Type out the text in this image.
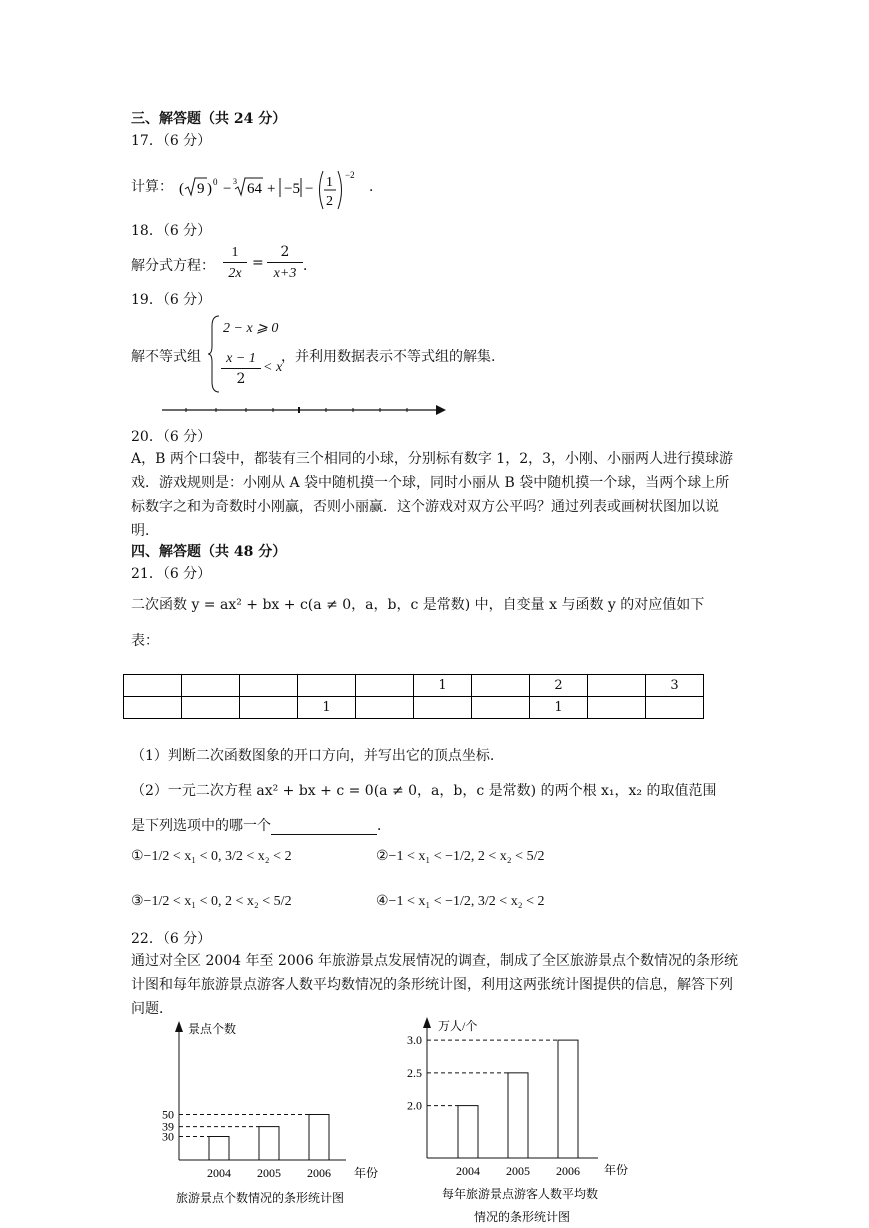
三、解答题（共 24 分）
17．（6 分）
计算： ( 9 ) 0 − 3 64 + −5 − 1
2
−2
．
18．（6 分）
解分式方程： $\frac{1}{2x} = \frac{2}{x+3}$ ．
19．（6 分）
解不等式组
2 − x ⩾ 0
$\frac{x - 1}{2} < x$
，并利用数据表示不等式组的解集.
20．（6 分）
A，B 两个口袋中，都装有三个相同的小球，分别标有数字 1，2，3，小刚、小丽两人进行摸球游戏．游戏规则是：小刚从 A 袋中随机摸一个球，同时小丽从 B 袋中随机摸一个球，当两个球上所标数字之和为奇数时小刚赢，否则小丽赢．这个游戏对双方公平吗？通过列表或画树状图加以说明．
四、解答题（共 48 分）
21．（6 分）
二次函数 y = ax² + bx + c(a ≠ 0，a，b，c 是常数) 中，自变量 x 与函数 y 的对应值如下
表：
					1		2		3
			1				1		
（1）判断二次函数图象的开口方向，并写出它的顶点坐标.
（2）一元二次方程 ax² + bx + c = 0(a ≠ 0，a，b，c 是常数) 的两个根 x₁，x₂ 的取值范围
是下列选项中的哪一个	．
①−1/2 < x₁ < 0, 3/2 < x₂ < 2	②−1 < x₁ < −1/2, 2 < x₂ < 5/2
③−1/2 < x₁ < 0, 2 < x₂ < 5/2	④−1 < x₁ < −1/2, 3/2 < x₂ < 2
22．（6 分）
通过对全区 2004 年至 2006 年旅游景点发展情况的调查，制成了全区旅游景点个数情况的条形统计图和每年旅游景点游客人数平均数情况的条形统计图，利用这两张统计图提供的信息，解答下列问题．
景点个数
年份
2004 2005 2006
30
39
50
旅游景点个数情况的条形统计图
万人/个
年份
2004 2005 2006
2.0
2.5
3.0
每年旅游景点游客人数平均数
情况的条形统计图
